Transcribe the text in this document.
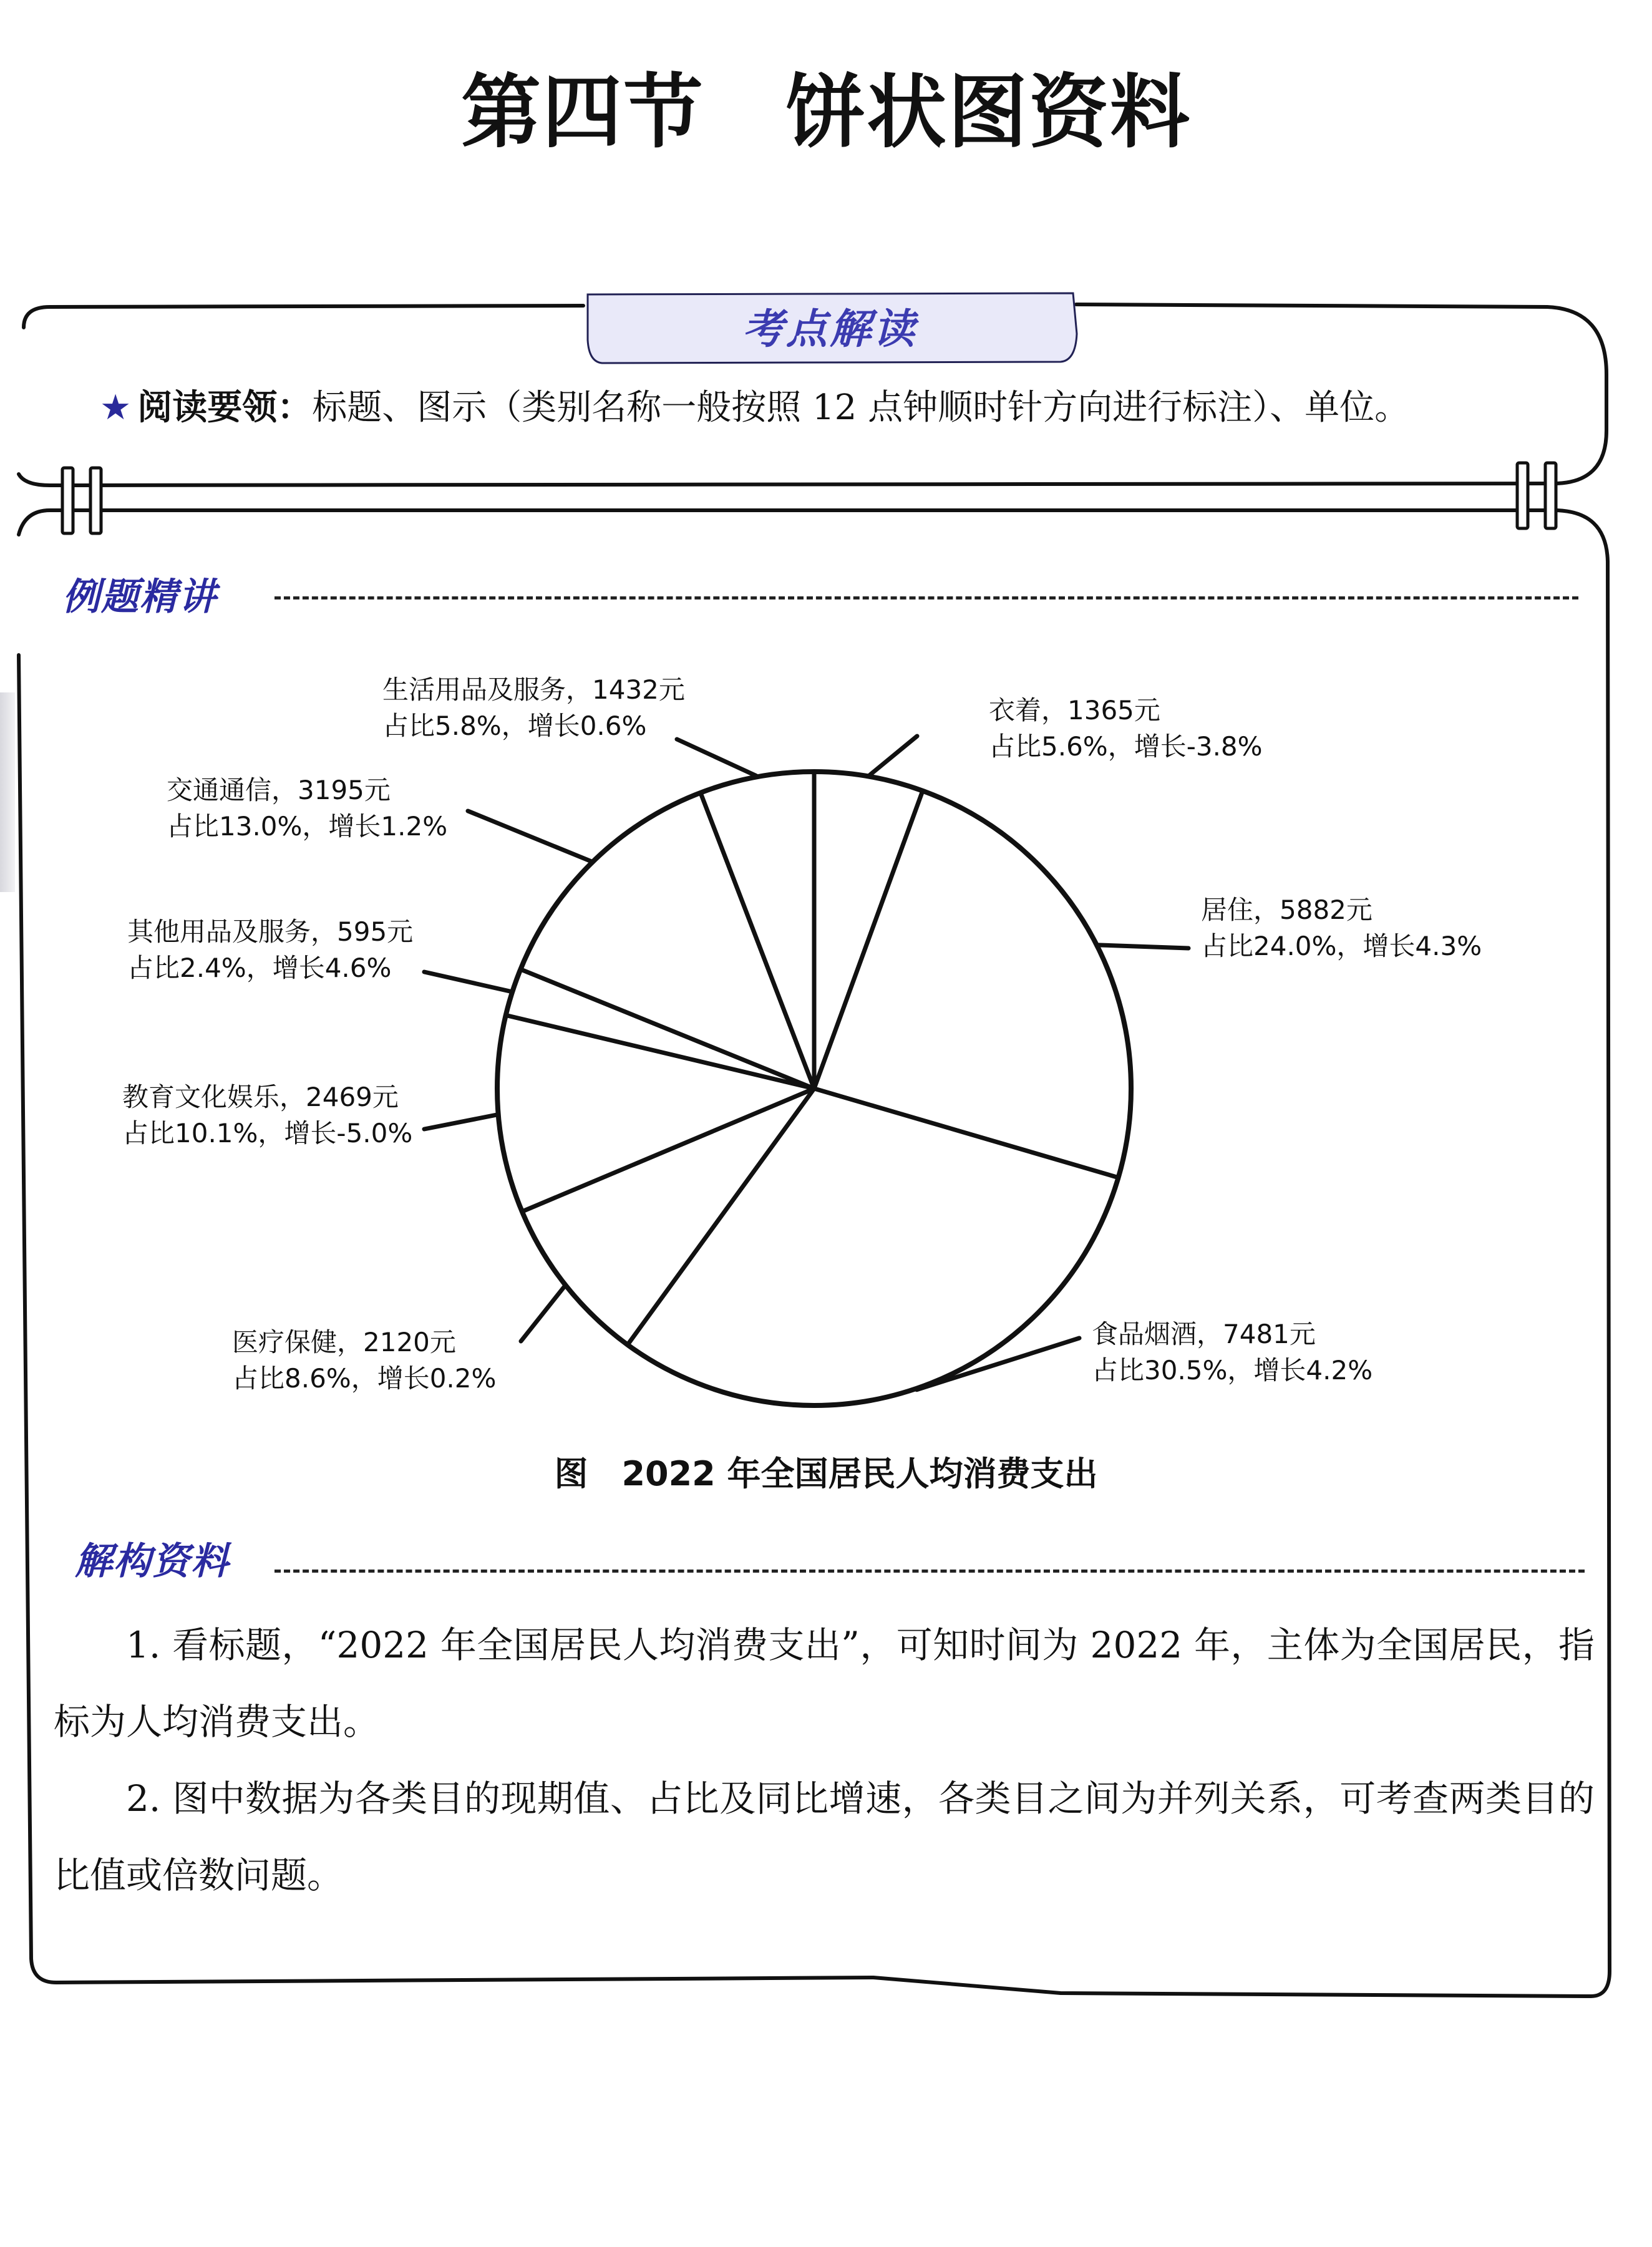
第四节　 饼状图资料
考点解读
★ 阅读要领：标题、图示（类别名称一般按照 12 点钟顺时针方向进行标注）、单位。
例题精讲
衣着，1365元
占比5.6%，增长-3.8%
居住，5882元
占比24.0%，增长4.3%
食品烟酒，7481元
占比30.5%，增长4.2%
医疗保健，2120元
占比8.6%，增长0.2%
教育文化娱乐，2469元
占比10.1%，增长-5.0%
其他用品及服务，595元
占比2.4%，增长4.6%
交通通信，3195元
占比13.0%，增长1.2%
生活用品及服务，1432元
占比5.8%，增长0.6%
图　2022 年全国居民人均消费支出
解构资料

1. 看标题，“2022 年全国居民人均消费支出”，可知时间为 2022 年，主体为全国居民，指标为人均消费支出。

2. 图中数据为各类目的现期值、占比及同比增速，各类目之间为并列关系，可考查两类目的比值或倍数问题。
